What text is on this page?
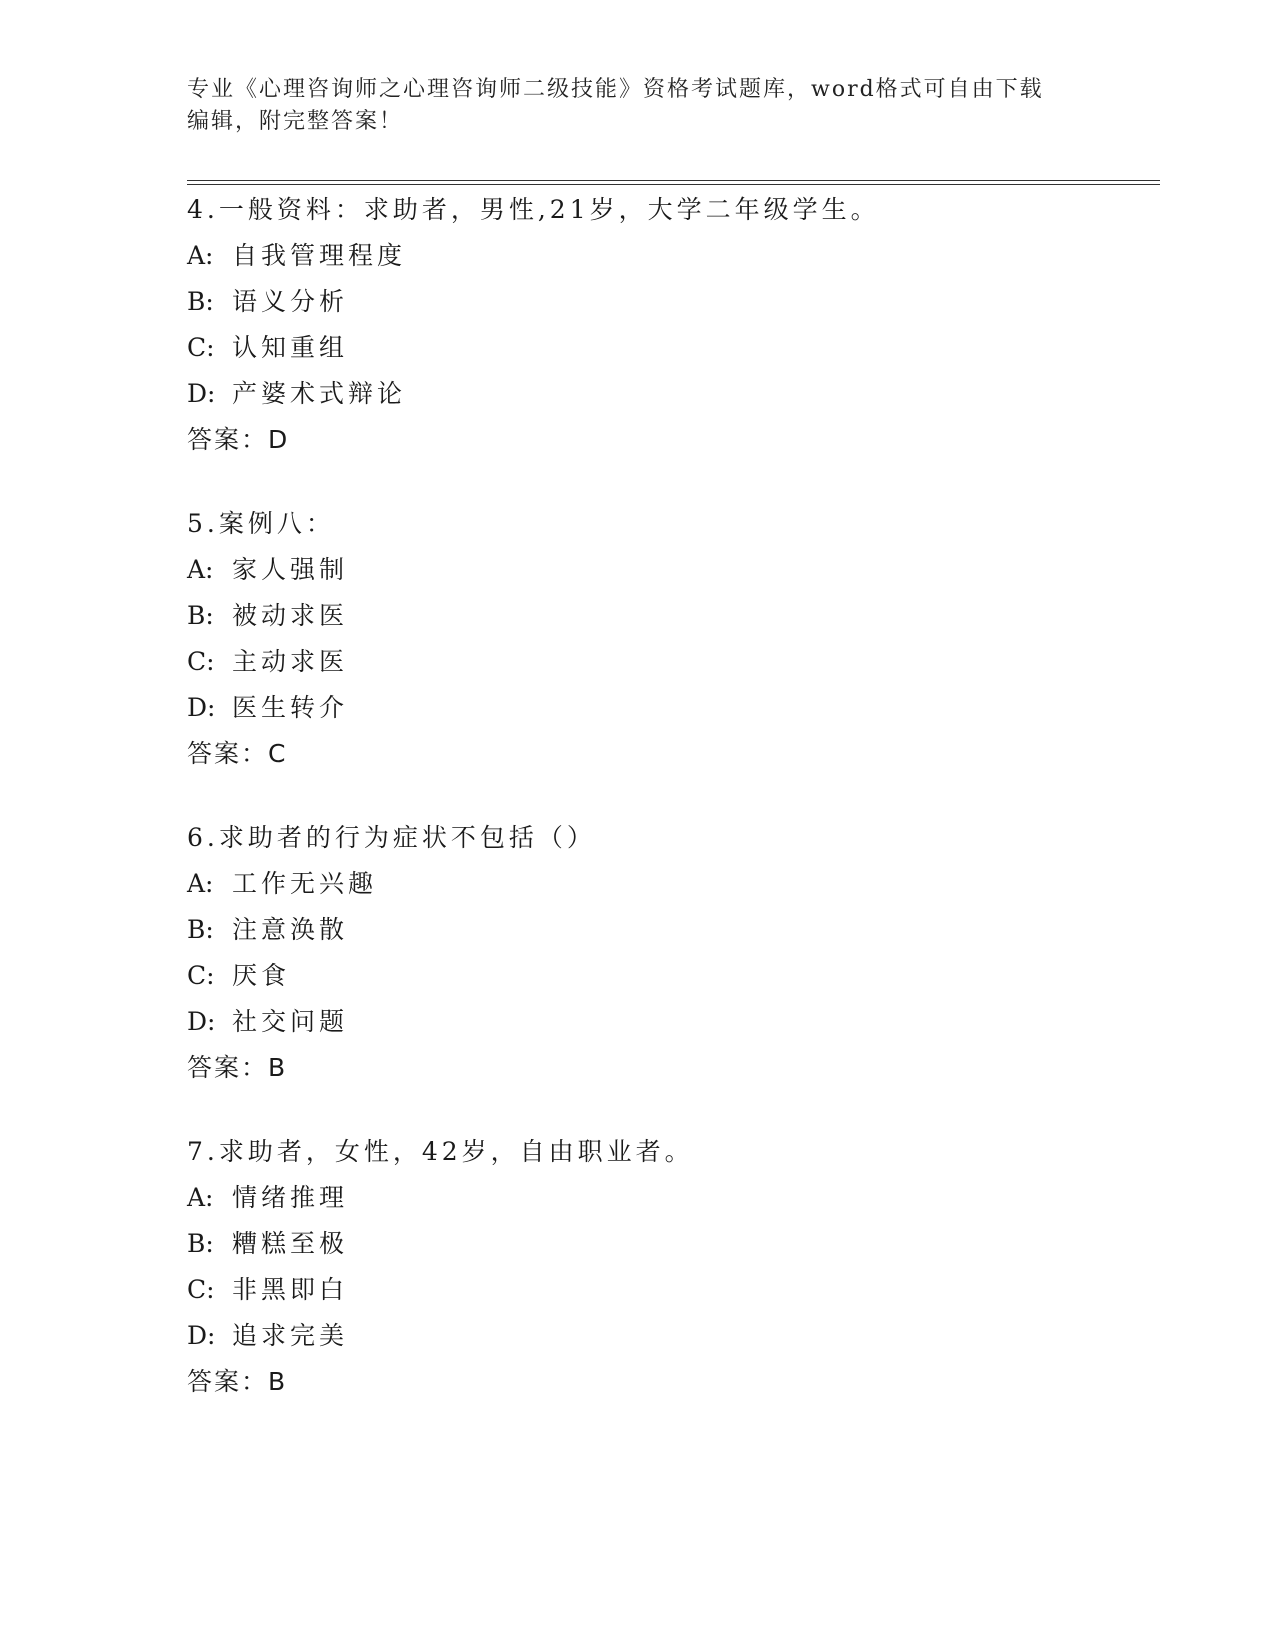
专业《心理咨询师之心理咨询师二级技能》资格考试题库，word格式可自由下载
编辑，附完整答案！
4.一般资料：求助者，男性,21岁，大学二年级学生。
A: 自我管理程度
B: 语义分析
C: 认知重组
D: 产婆术式辩论
答案：D
5.案例八：
A: 家人强制
B: 被动求医
C: 主动求医
D: 医生转介
答案：C
6.求助者的行为症状不包括（）
A: 工作无兴趣
B: 注意涣散
C: 厌食
D: 社交问题
答案：B
7.求助者，女性，42岁，自由职业者。
A: 情绪推理
B: 糟糕至极
C: 非黑即白
D: 追求完美
答案：B
